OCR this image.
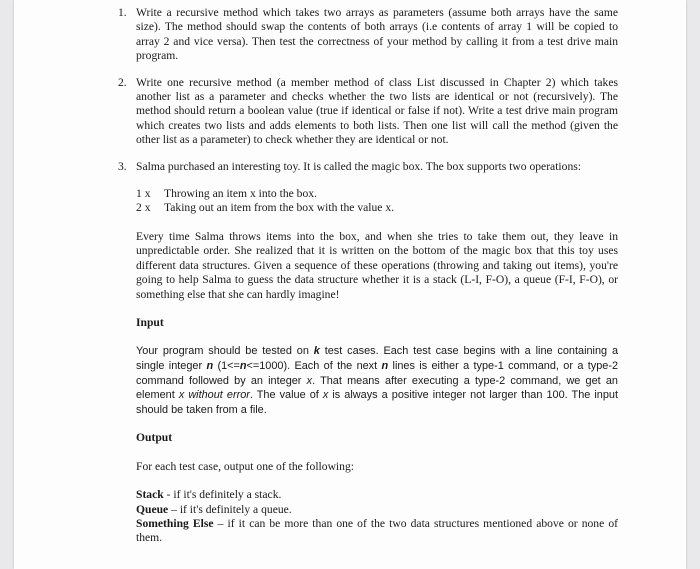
1. Write a recursive method which takes two arrays as parameters (assume both arrays have the same size). The method should swap the contents of both arrays (i.e contents of array 1 will be copied to array 2 and vice versa). Then test the correctness of your method by calling it from a test drive main program.

2. Write one recursive method (a member method of class List discussed in Chapter 2) which takes another list as a parameter and checks whether the two lists are identical or not (recursively). The method should return a boolean value (true if identical or false if not). Write a test drive main program which creates two lists and adds elements to both lists. Then one list will call the method (given the other list as a parameter) to check whether they are identical or not.

3. Salma purchased an interesting toy. It is called the magic box. The box supports two operations:

1 x	Throwing an item x into the box.
2 x	Taking out an item from the box with the value x.

Every time Salma throws items into the box, and when she tries to take them out, they leave in unpredictable order. She realized that it is written on the bottom of the magic box that this toy uses different data structures. Given a sequence of these operations (throwing and taking out items), you're going to help Salma to guess the data structure whether it is a stack (L-I, F-O), a queue (F-I, F-O), or something else that she can hardly imagine!

Input

Your program should be tested on k test cases. Each test case begins with a line containing a single integer n (1<=n<=1000). Each of the next n lines is either a type-1 command, or a type-2 command followed by an integer x. That means after executing a type-2 command, we get an element x without error. The value of x is always a positive integer not larger than 100. The input should be taken from a file.

Output

For each test case, output one of the following:

Stack - if it's definitely a stack.

Queue – if it's definitely a queue.

Something Else – if it can be more than one of the two data structures mentioned above or none of them.
